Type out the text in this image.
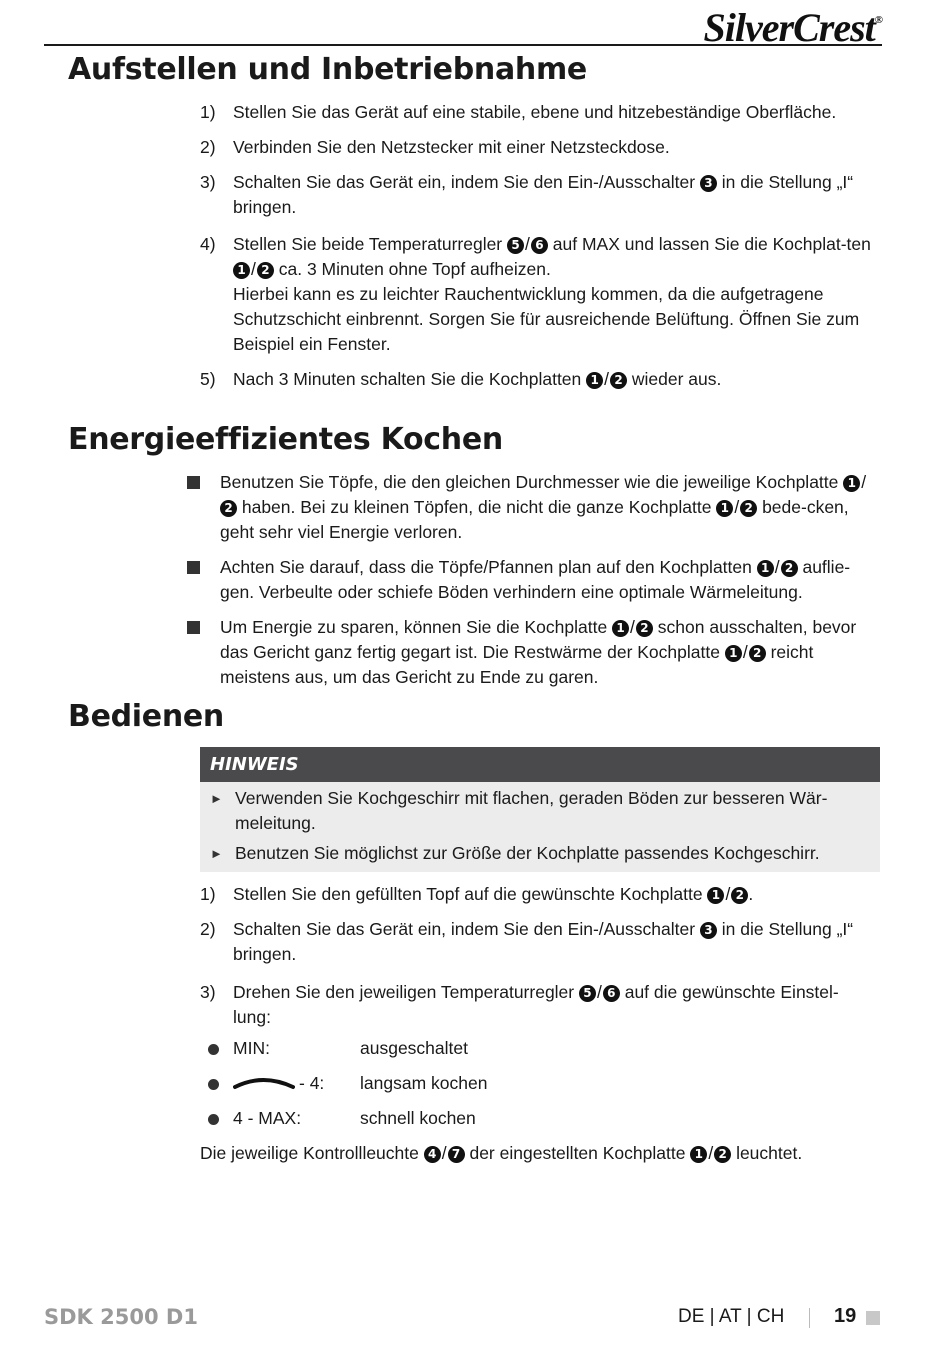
SilverCrest®
Aufstellen und Inbetriebnahme
1) Stellen Sie das Gerät auf eine stabile, ebene und hitzebeständige Oberfläche.
2) Verbinden Sie den Netzstecker mit einer Netzsteckdose.
3) Schalten Sie das Gerät ein, indem Sie den Ein-/Ausschalter 3 in die Stellung „I“ bringen.
4) Stellen Sie beide Temperaturregler 5 / 6 auf MAX und lassen Sie die Kochplat-ten 1 / 2 ca. 3 Minuten ohne Topf aufheizen.
Hierbei kann es zu leichter Rauchentwicklung kommen, da die aufgetragene Schutzschicht einbrennt. Sorgen Sie für ausreichende Belüftung. Öffnen Sie zum Beispiel ein Fenster.
5) Nach 3 Minuten schalten Sie die Kochplatten 1 / 2 wieder aus.
Energieeffizientes Kochen
Benutzen Sie Töpfe, die den gleichen Durchmesser wie die jeweilige Kochplatte 1 /2 haben. Bei zu kleinen Töpfen, die nicht die ganze Kochplatte 1 / 2 bede-cken, geht sehr viel Energie verloren.
Achten Sie darauf, dass die Töpfe/Pfannen plan auf den Kochplatten 1 / 2 auflie-gen. Verbeulte oder schiefe Böden verhindern eine optimale Wärmeleitung.
Um Energie zu sparen, können Sie die Kochplatte 1 / 2 schon ausschalten, bevor das Gericht ganz fertig gegart ist. Die Restwärme der Kochplatte 1 / 2 reicht meistens aus, um das Gericht zu Ende zu garen.
Bedienen
HINWEIS
► Verwenden Sie Kochgeschirr mit flachen, geraden Böden zur besseren Wär-meleitung.
► Benutzen Sie möglichst zur Größe der Kochplatte passendes Kochgeschirr.
1) Stellen Sie den gefüllten Topf auf die gewünschte Kochplatte 1 / 2 .
2) Schalten Sie das Gerät ein, indem Sie den Ein-/Ausschalter 3 in die Stellung „I“ bringen.
3) Drehen Sie den jeweiligen Temperaturregler 5 / 6 auf die gewünschte Einstel-lung:
MIN:	ausgeschaltet
- 4: langsam kochen
4 - MAX:	schnell kochen
Die jeweilige Kontrollleuchte 4 / 7 der eingestellten Kochplatte 1 / 2 leuchtet.
SDK 2500 D1	DE | AT | CH 19
